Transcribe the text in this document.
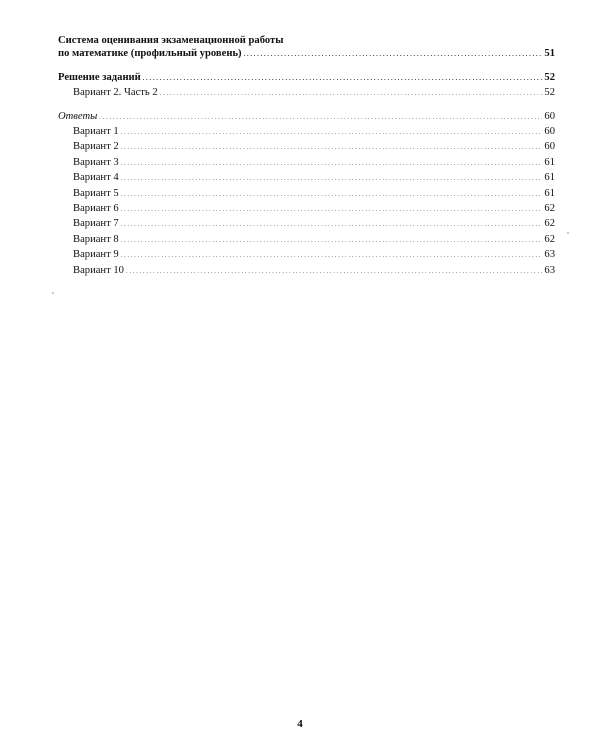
Система оценивания экзаменационной работы
по математике (профильный уровень) . . .	51
Решение заданий . . .	52
Вариант 2. Часть 2 . . .	52
Ответы . . .	60
Вариант 1 . . .	60
Вариант 2 . . .	60
Вариант 3 . . .	61
Вариант 4 . . .	61
Вариант 5 . . .	61
Вариант 6 . . .	62
Вариант 7 . . .	62
Вариант 8 . . .	62
Вариант 9 . . .	63
Вариант 10 . . .	63
4
